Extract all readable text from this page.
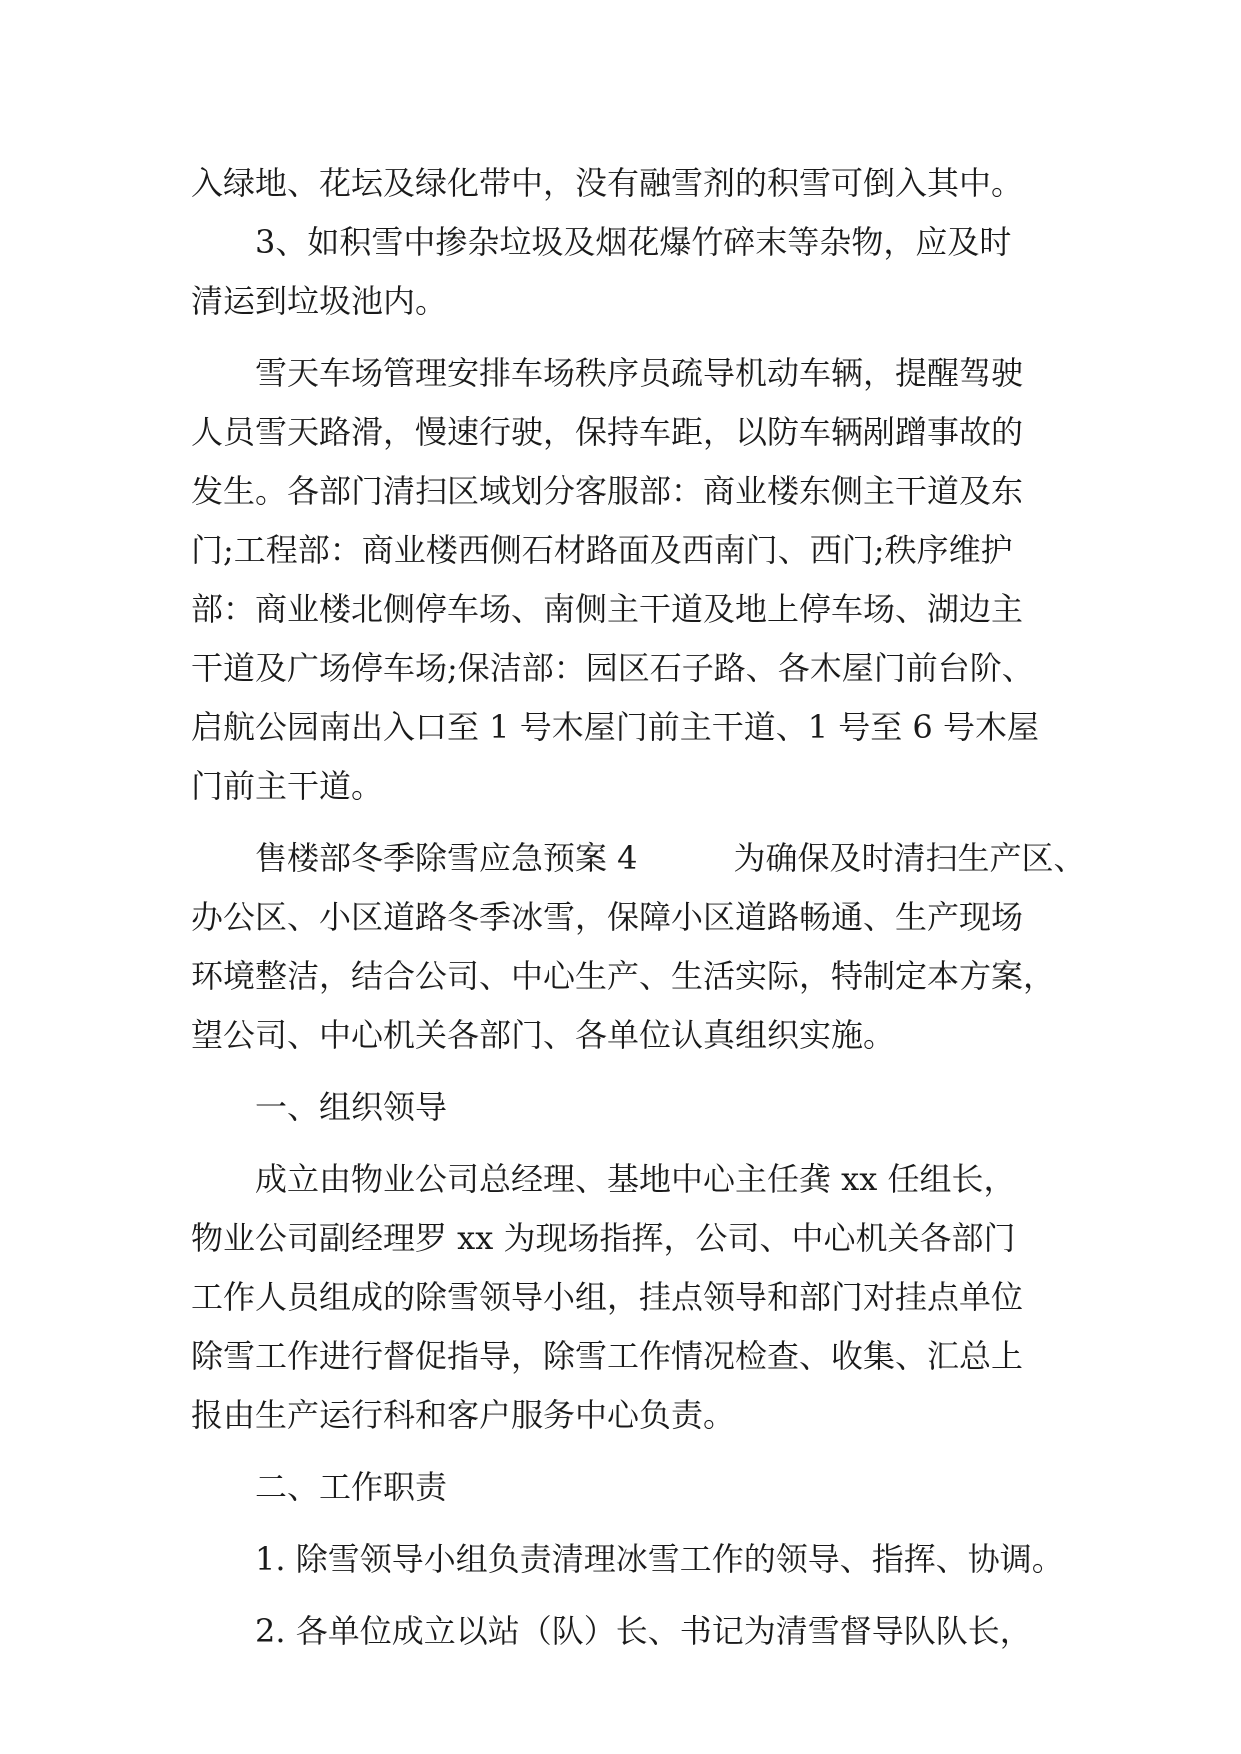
入绿地、花坛及绿化带中，没有融雪剂的积雪可倒入其中。
　　3、如积雪中掺杂垃圾及烟花爆竹碎末等杂物，应及时
清运到垃圾池内。
　　雪天车场管理安排车场秩序员疏导机动车辆，提醒驾驶
人员雪天路滑，慢速行驶，保持车距，以防车辆剐蹭事故的
发生。各部门清扫区域划分客服部：商业楼东侧主干道及东
门;工程部：商业楼西侧石材路面及西南门、西门;秩序维护
部：商业楼北侧停车场、南侧主干道及地上停车场、湖边主
干道及广场停车场;保洁部：园区石子路、各木屋门前台阶、
启航公园南出入口至 1 号木屋门前主干道、1 号至 6 号木屋
门前主干道。
　　售楼部冬季除雪应急预案 4　　　为确保及时清扫生产区、
办公区、小区道路冬季冰雪，保障小区道路畅通、生产现场
环境整洁，结合公司、中心生产、生活实际，特制定本方案，
望公司、中心机关各部门、各单位认真组织实施。
　　一、组织领导
　　成立由物业公司总经理、基地中心主任龚 xx 任组长，
物业公司副经理罗 xx 为现场指挥，公司、中心机关各部门
工作人员组成的除雪领导小组，挂点领导和部门对挂点单位
除雪工作进行督促指导，除雪工作情况检查、收集、汇总上
报由生产运行科和客户服务中心负责。
　　二、工作职责
　　1. 除雪领导小组负责清理冰雪工作的领导、指挥、协调。
　　2. 各单位成立以站（队）长、书记为清雪督导队队长，
